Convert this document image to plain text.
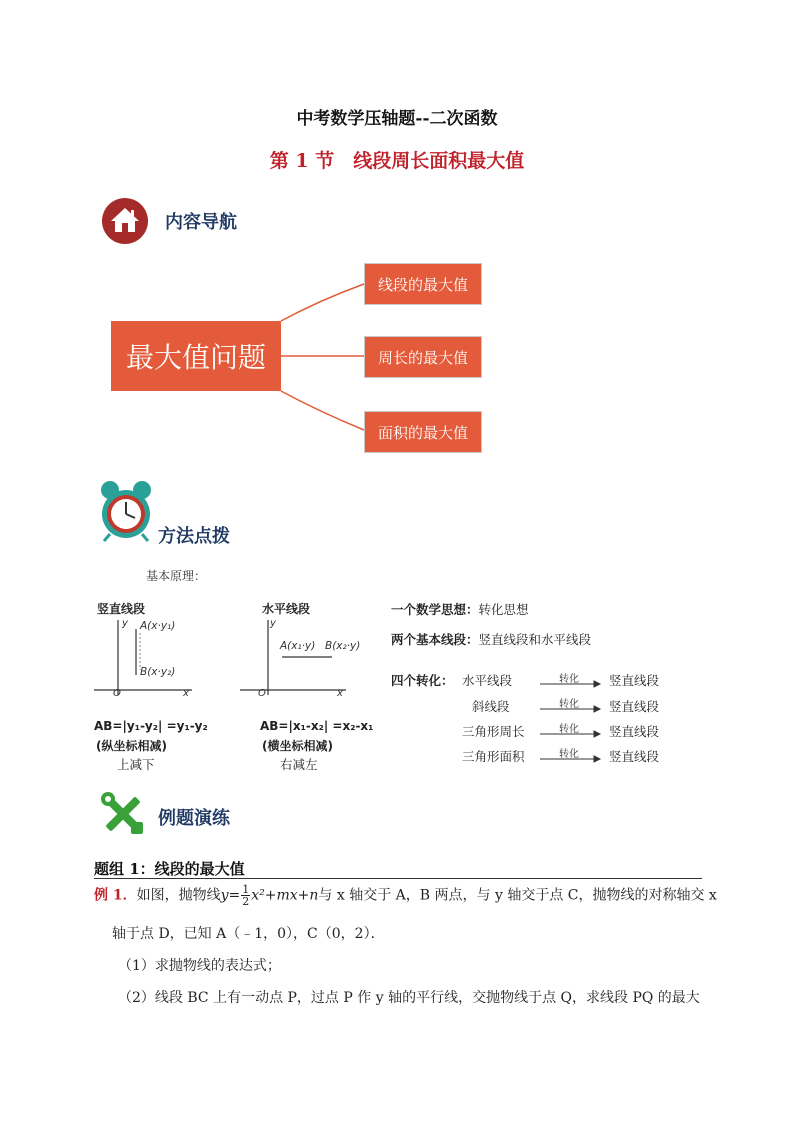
中考数学压轴题--二次函数
第 1 节　线段周长面积最大值
内容导航
最大值问题
线段的最大值
周长的最大值
面积的最大值
方法点拨
基本原理：
竖直线段
y
x
O
A(x·y₁)
B(x·y₂)
AB=|y₁-y₂| =y₁-y₂
(纵坐标相减)
上减下
水平线段
y
x
O
A(x₁·y) B(x₂·y)
AB=|x₁-x₂| =x₂-x₁
(横坐标相减)
右减左
一个数学思想：转化思想
两个基本线段：竖直线段和水平线段
四个转化： 水平线段
斜线段
三角形周长
三角形面积
转化
转化
转化
转化
竖直线段
竖直线段
竖直线段
竖直线段
例题演练
题组 1：线段的最大值
例 1．如图，抛物线$y= \frac{1}{2} x^2+mx+n$与 x 轴交于 A，B 两点，与 y 轴交于点 C，抛物线的对称轴交 x
轴于点 D，已知 A（﹣1，0），C（0，2）．
（1）求抛物线的表达式；
（2）线段 BC 上有一动点 P，过点 P 作 y 轴的平行线，交抛物线于点 Q，求线段 PQ 的最大
